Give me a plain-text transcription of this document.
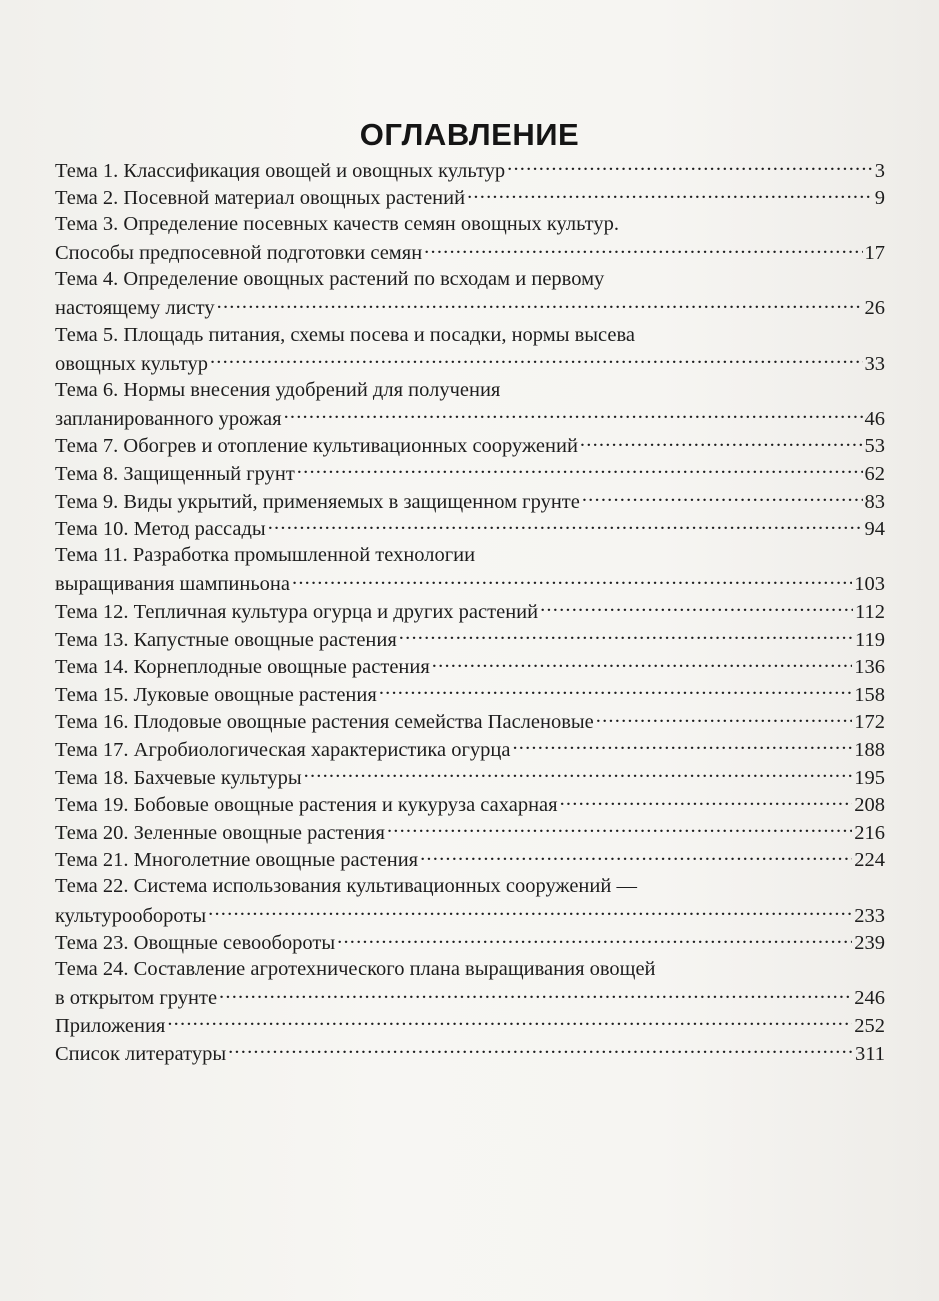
ОГЛАВЛЕНИЕ
Тема 1. Классификация овощей и овощных культур .....	3
Тема 2. Посевной материал овощных растений .....	9
Тема 3. Определение посевных качеств семян овощных культур.
Способы предпосевной подготовки семян .....	17
Тема 4. Определение овощных растений по всходам и первому
настоящему листу .....	26
Тема 5. Площадь питания, схемы посева и посадки, нормы высева
овощных культур .....	33
Тема 6. Нормы внесения удобрений для получения
запланированного урожая .....	46
Тема 7. Обогрев и отопление культивационных сооружений .....	53
Тема 8. Защищенный грунт .....	62
Тема 9. Виды укрытий, применяемых в защищенном грунте .....	83
Тема 10. Метод рассады .....	94
Тема 11. Разработка промышленной технологии
выращивания шампиньона .....	103
Тема 12. Тепличная культура огурца и других растений .....	112
Тема 13. Капустные овощные растения .....	119
Тема 14. Корнеплодные овощные растения .....	136
Тема 15. Луковые овощные растения .....	158
Тема 16. Плодовые овощные растения семейства Пасленовые .....	172
Тема 17. Агробиологическая характеристика огурца .....	188
Тема 18. Бахчевые культуры .....	195
Тема 19. Бобовые овощные растения и кукуруза сахарная .....	208
Тема 20. Зеленные овощные растения .....	216
Тема 21. Многолетние овощные растения .....	224
Тема 22. Система использования культивационных сооружений —
культурообороты .....	233
Тема 23. Овощные севообороты .....	239
Тема 24. Составление агротехнического плана выращивания овощей
в открытом грунте .....	246
Приложения .....	252
Список литературы .....	311
